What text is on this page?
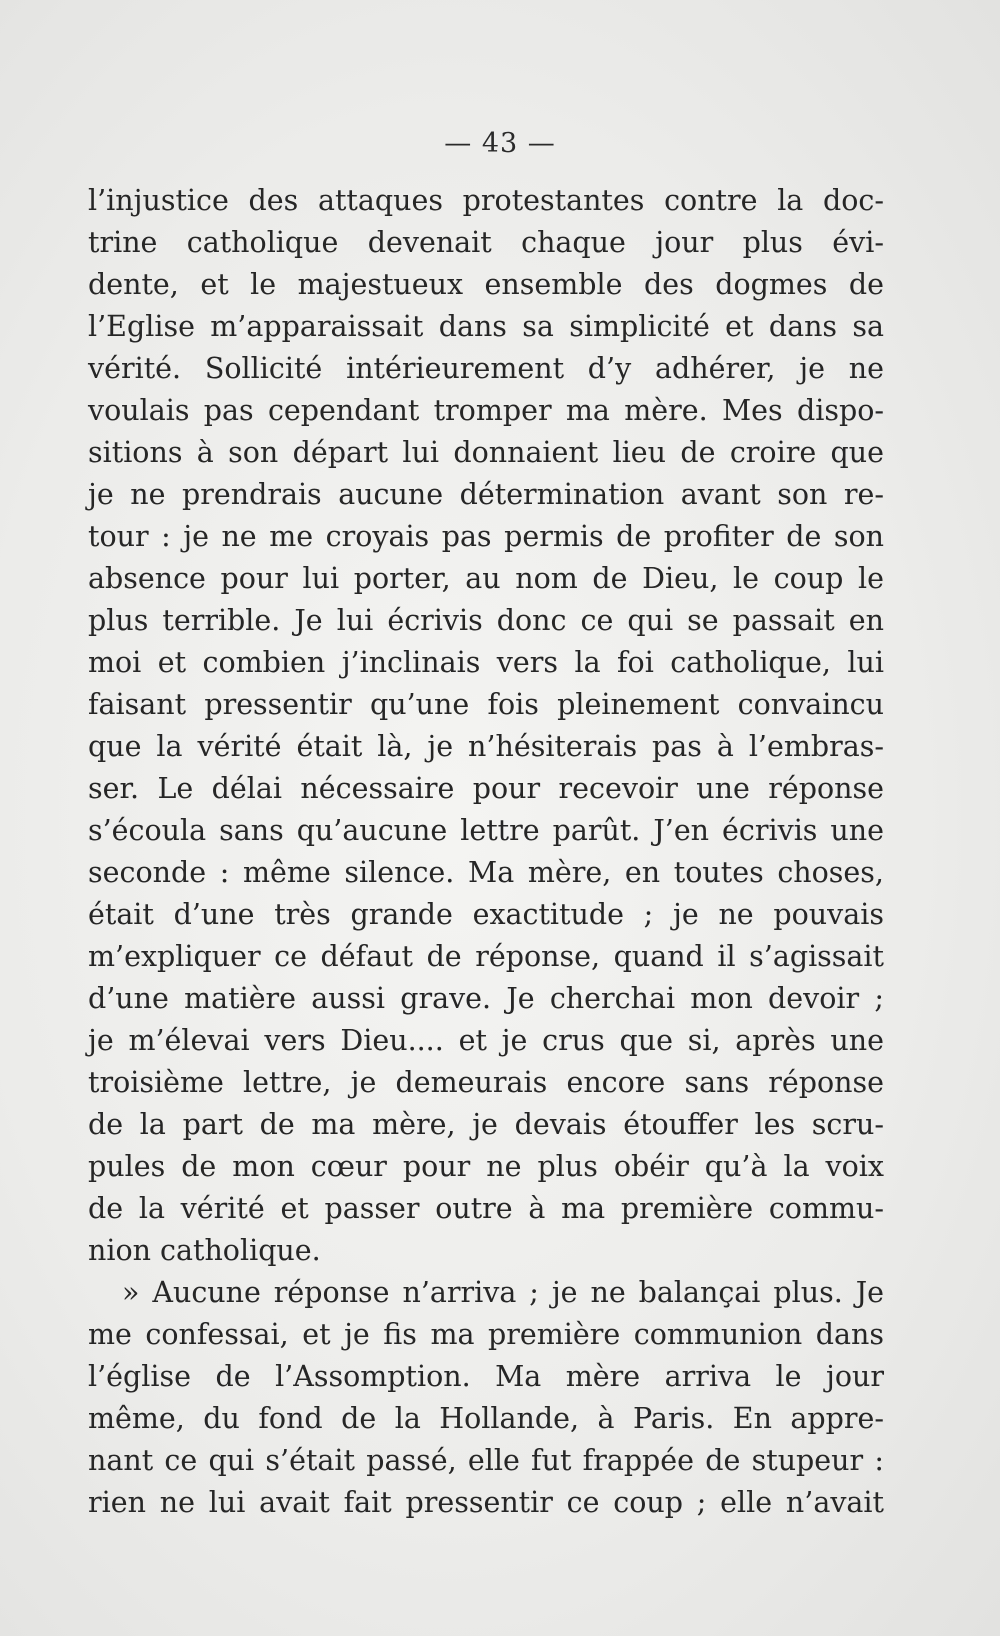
— 43 —
l’injustice des attaques protestantes contre la doc-
trine catholique devenait chaque jour plus évi-
dente, et le majestueux ensemble des dogmes de
l’Eglise m’apparaissait dans sa simplicité et dans sa
vérité. Sollicité intérieurement d’y adhérer, je ne
voulais pas cependant tromper ma mère. Mes dispo-
sitions à son départ lui donnaient lieu de croire que
je ne prendrais aucune détermination avant son re-
tour : je ne me croyais pas permis de profiter de son
absence pour lui porter, au nom de Dieu, le coup le
plus terrible. Je lui écrivis donc ce qui se passait en
moi et combien j’inclinais vers la foi catholique, lui
faisant pressentir qu’une fois pleinement convaincu
que la vérité était là, je n’hésiterais pas à l’embras-
ser. Le délai nécessaire pour recevoir une réponse
s’écoula sans qu’aucune lettre parût. J’en écrivis une
seconde : même silence. Ma mère, en toutes choses,
était d’une très grande exactitude ; je ne pouvais
m’expliquer ce défaut de réponse, quand il s’agissait
d’une matière aussi grave. Je cherchai mon devoir ;
je m’élevai vers Dieu.... et je crus que si, après une
troisième lettre, je demeurais encore sans réponse
de la part de ma mère, je devais étouffer les scru-
pules de mon cœur pour ne plus obéir qu’à la voix
de la vérité et passer outre à ma première commu-
nion catholique.
» Aucune réponse n’arriva ; je ne balançai plus. Je
me confessai, et je fis ma première communion dans
l’église de l’Assomption. Ma mère arriva le jour
même, du fond de la Hollande, à Paris. En appre-
nant ce qui s’était passé, elle fut frappée de stupeur :
rien ne lui avait fait pressentir ce coup ; elle n’avait
